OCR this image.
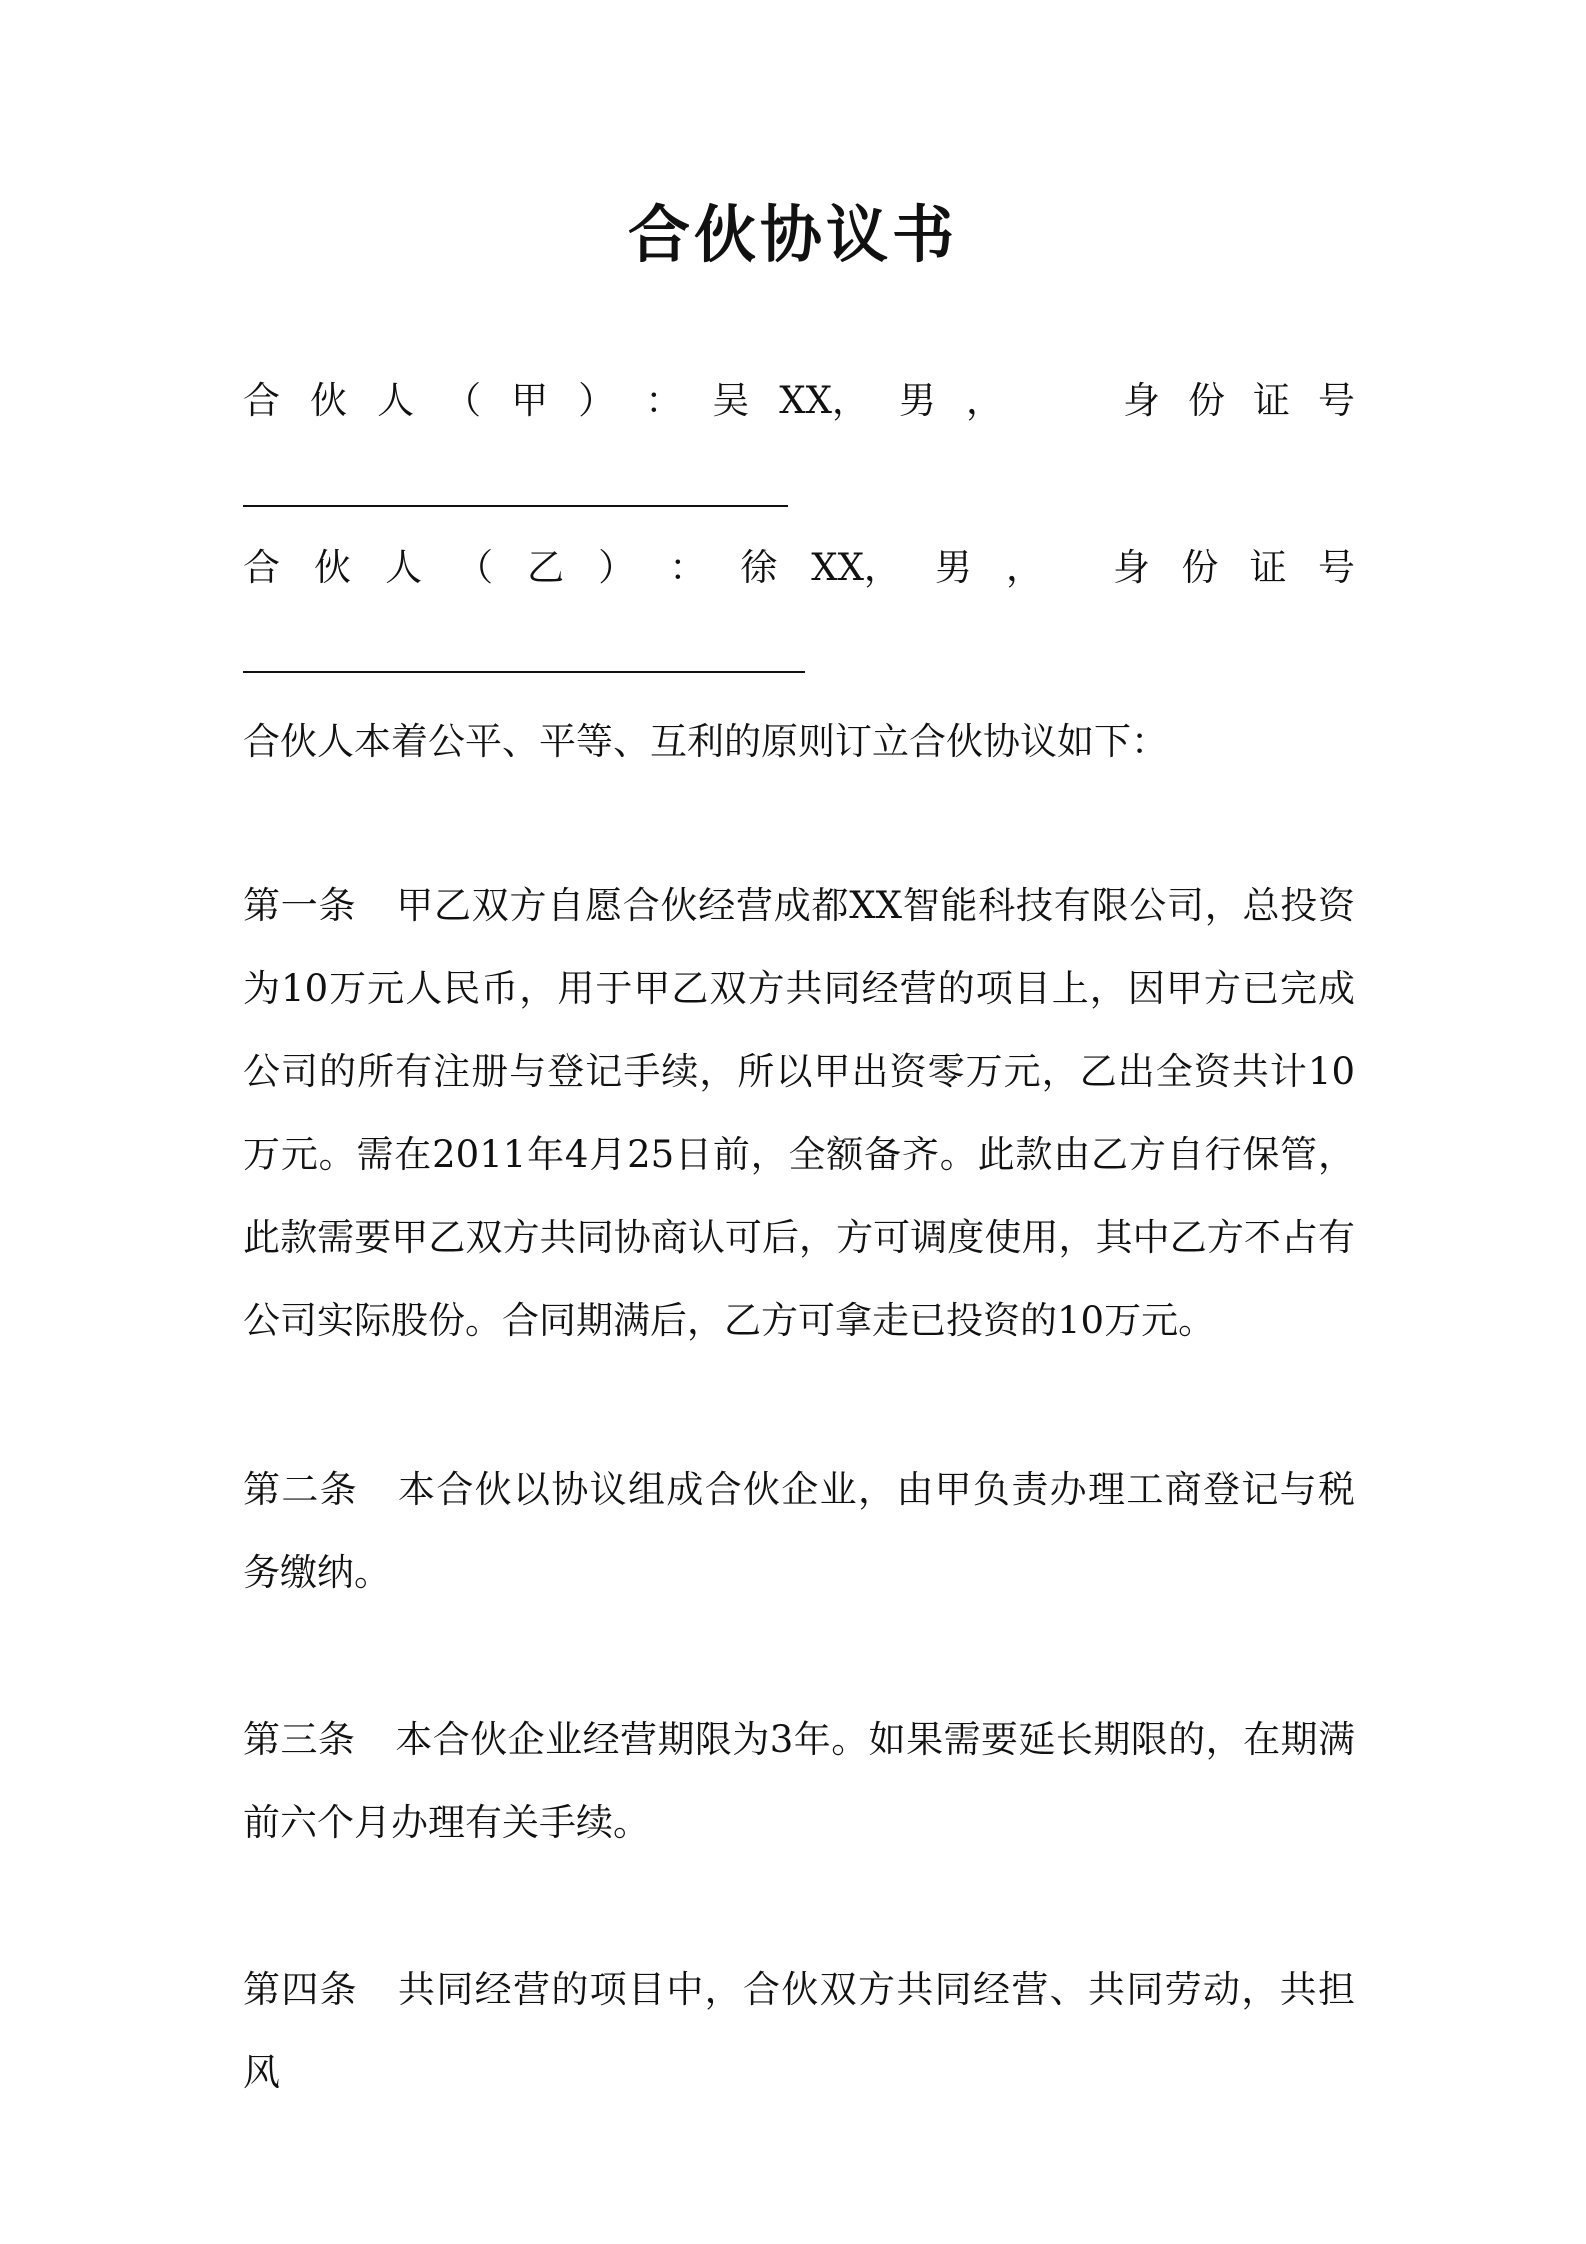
合伙协议书
合 伙 人 （ 甲 ） ： 吴 XX， 男 ，	身 份 证 号
合 伙 人 （ 乙 ） ： 徐 XX， 男 ， 身 份 证 号
合伙人本着公平、平等、互利的原则订立合伙协议如下：
第一条 甲乙双方自愿合伙经营成都XX智能科技有限公司，总投资为10万元人民币，用于甲乙双方共同经营的项目上，因甲方已完成公司的所有注册与登记手续，所以甲出资零万元，乙出全资共计10万元。需在2011年4月25日前，全额备齐。此款由乙方自行保管，此款需要甲乙双方共同协商认可后，方可调度使用，其中乙方不占有公司实际股份。合同期满后，乙方可拿走已投资的10万元。
第二条 本合伙以协议组成合伙企业，由甲负责办理工商登记与税务缴纳。
第三条 本合伙企业经营期限为3年。如果需要延长期限的，在期满前六个月办理有关手续。
第四条 共同经营的项目中，合伙双方共同经营、共同劳动，共担风
